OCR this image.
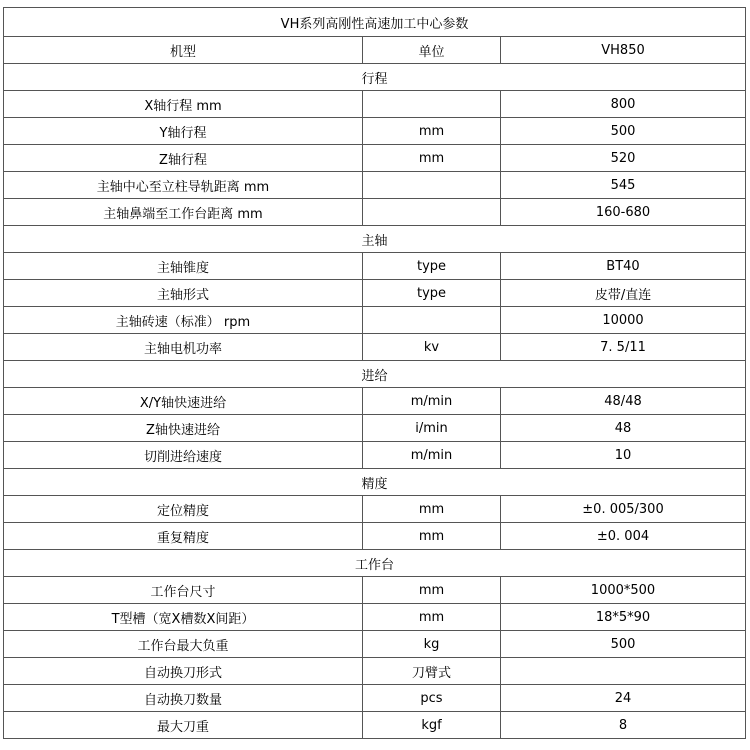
VH系列高刚性高速加工中心参数		
机型	单位	VH850
行程		
X轴行程 mm		800
Y轴行程	mm	500
Z轴行程	mm	520
主轴中心至立柱导轨距离 mm		545
主轴鼻端至工作台距离 mm		160-680
主轴		
主轴锥度	type	BT40
主轴形式	type	皮带/直连
主轴砖速（标准） rpm		10000
主轴电机功率	kv	7. 5/11
进给		
X/Y轴快速进给	m/min	48/48
Z轴快速进给	i/min	48
切削进给速度	m/min	10
精度		
定位精度	mm	±0. 005/300
重复精度	mm	±0. 004
工作台		
工作台尺寸	mm	1000*500
T型槽（宽X槽数X间距）	mm	18*5*90
工作台最大负重	kg	500
自动换刀形式	刀臂式	
自动换刀数量	pcs	24
最大刀重	kgf	8
